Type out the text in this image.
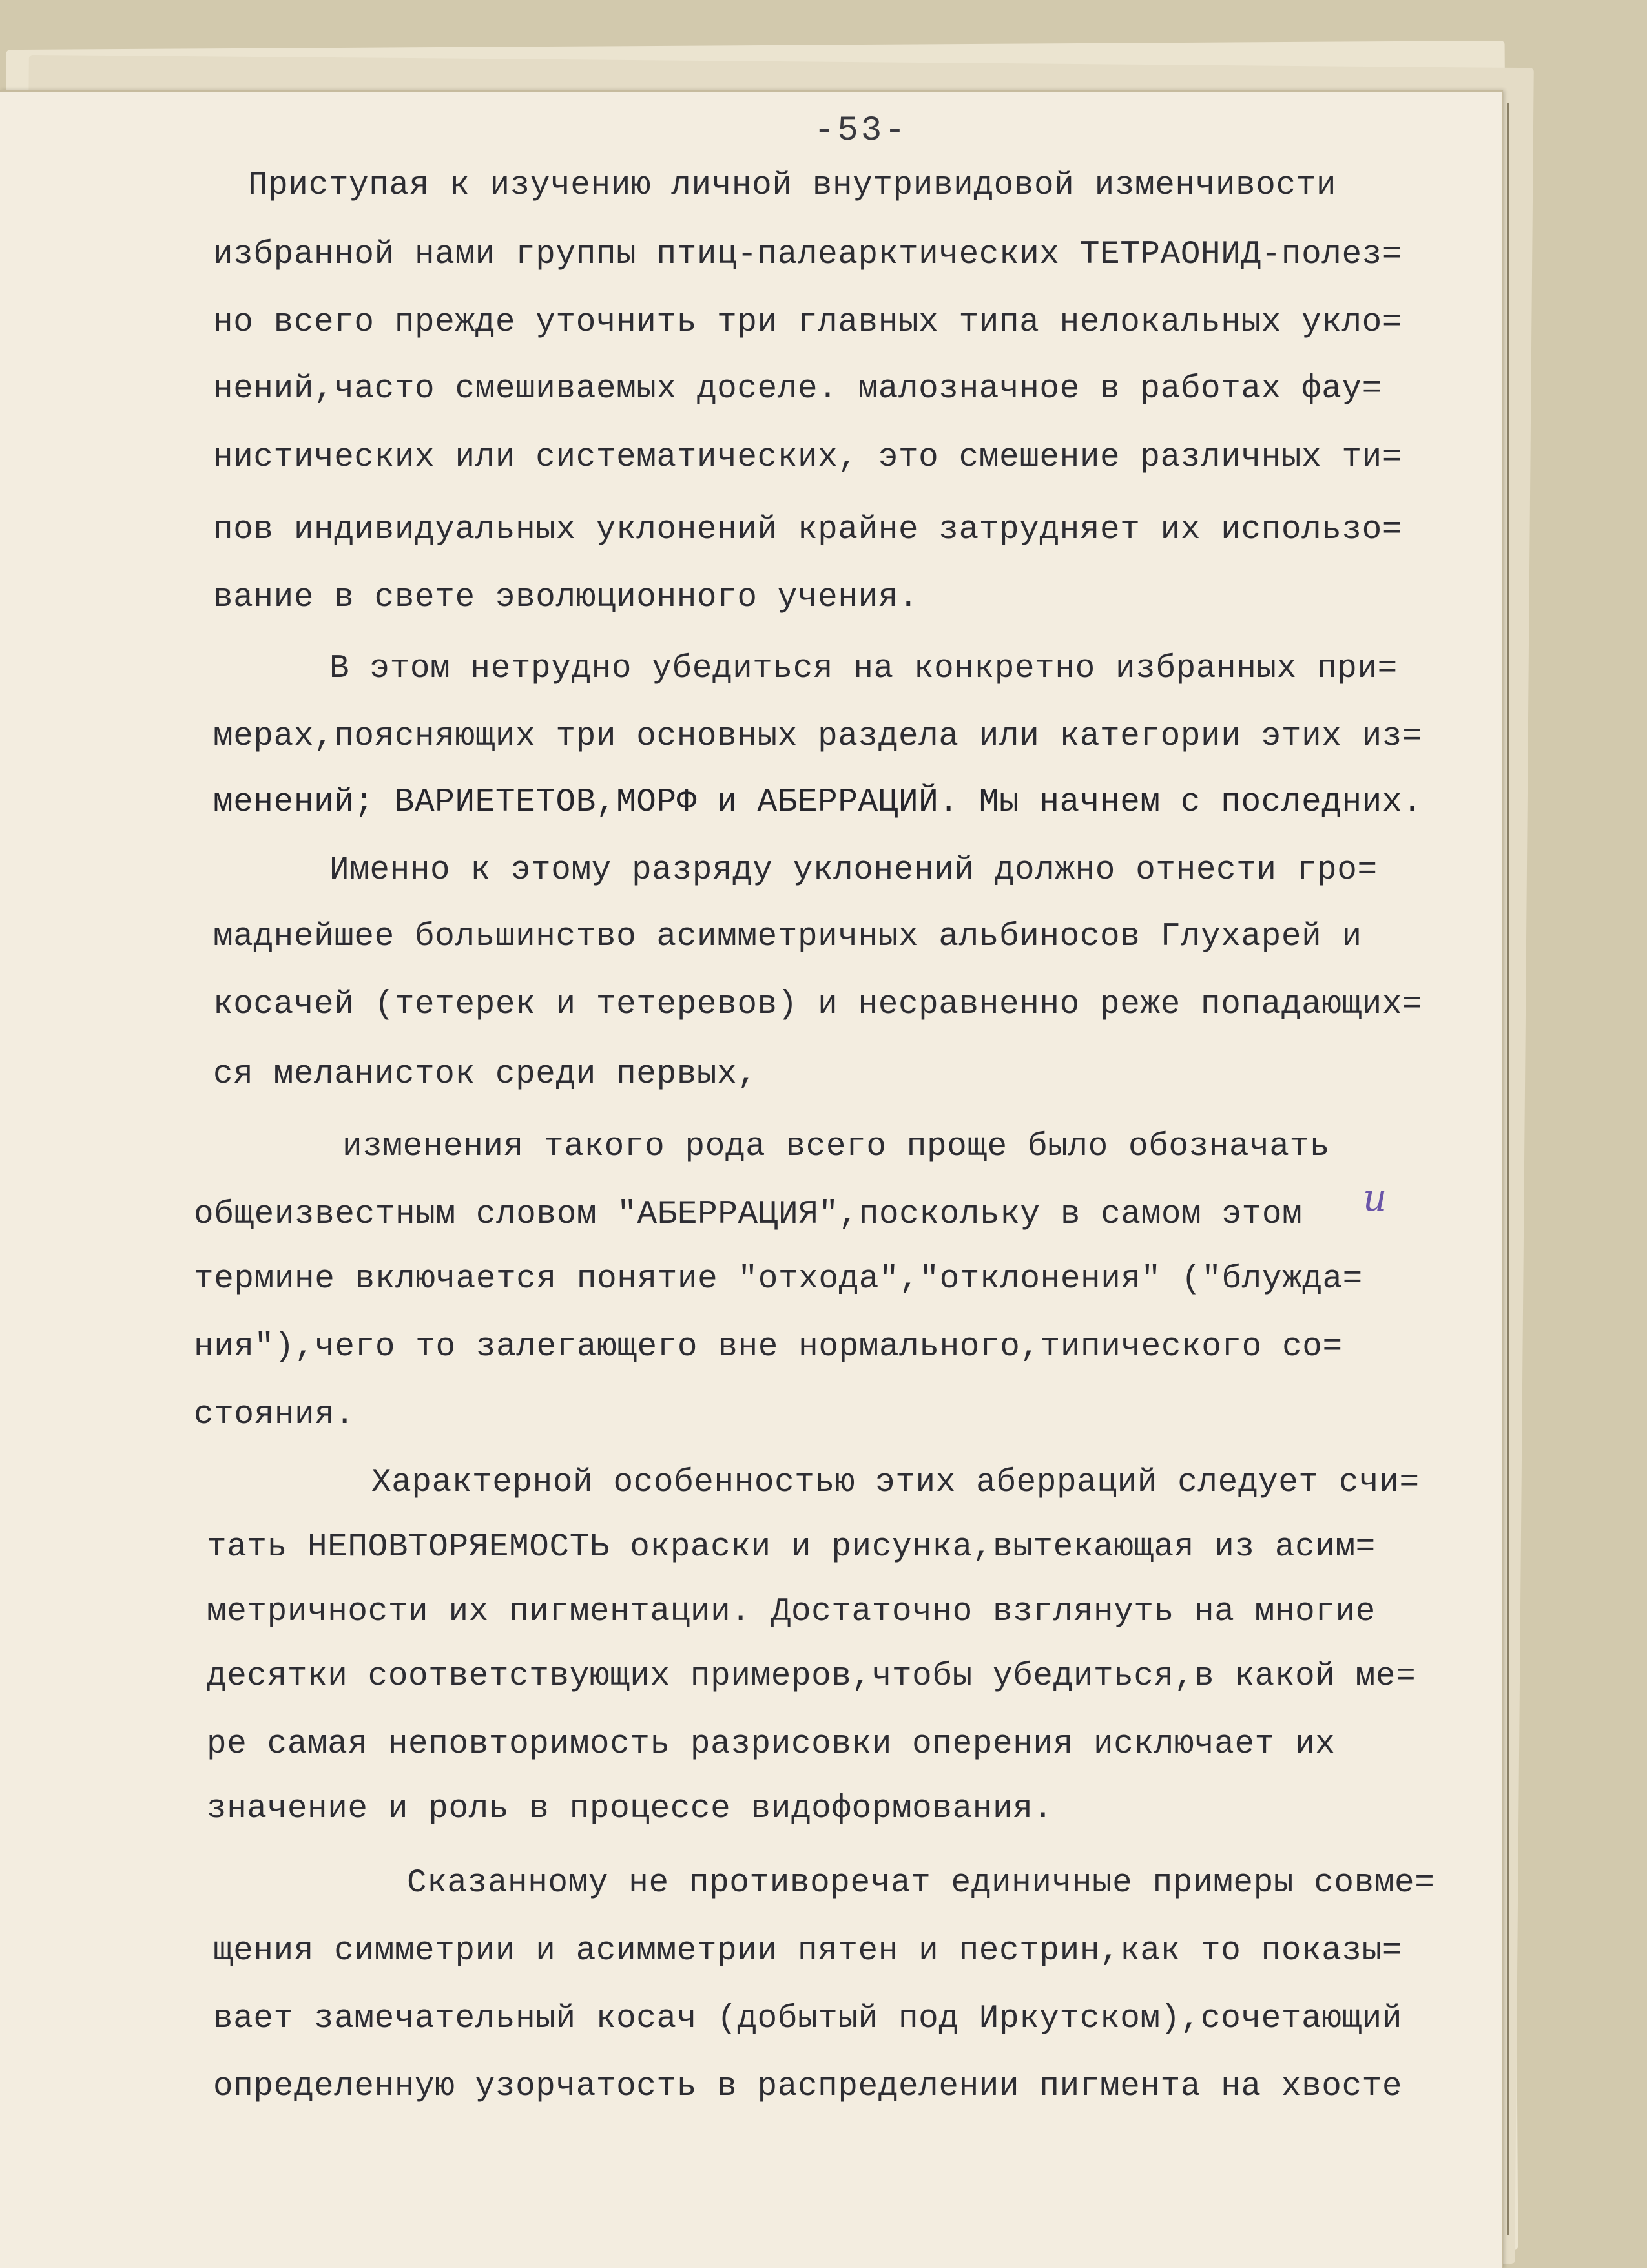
-53-
Приступая к изучению личной внутривидовой изменчивости
избранной нами группы птиц-палеарктических ТЕТРАОНИД-полез=
но всего прежде уточнить три главных типа нелокальных укло=
нений,часто смешиваемых доселе. малозначное в работах фау=
нистических или систематических, это смешение различных ти=
пов индивидуальных уклонений крайне затрудняет их использо=
вание в свете эволюционного учения.
В этом нетрудно убедиться на конкретно избранных при=
мерах,поясняющих три основных раздела или категории этих из=
менений; ВАРИЕТЕТОВ,МОРФ и АБЕРРАЦИЙ. Мы начнем с последних.
Именно к этому разряду уклонений должно отнести гро=
маднейшее большинство асимметричных альбиносов Глухарей и
косачей (тетерек и тетеревов) и несравненно реже попадающих=
ся меланисток среди первых,
изменения такого рода всего проще было обозначать
общеизвестным словом "АБЕРРАЦИЯ",поскольку в самом этом и
термине включается понятие "отхода","отклонения" ("блужда=
ния"),чего то залегающего вне нормального,типического со=
стояния.
Характерной особенностью этих аберраций следует счи=
тать НЕПОВТОРЯЕМОСТЬ окраски и рисунка,вытекающая из асим=
метричности их пигментации. Достаточно взглянуть на многие
десятки соответствующих примеров,чтобы убедиться,в какой ме=
ре самая неповторимость разрисовки оперения исключает их
значение и роль в процессе видоформования.
Сказанному не противоречат единичные примеры совме=
щения симметрии и асимметрии пятен и пестрин,как то показы=
вает замечательный косач (добытый под Иркутском),сочетающий
определенную узорчатость в распределении пигмента на хвосте
